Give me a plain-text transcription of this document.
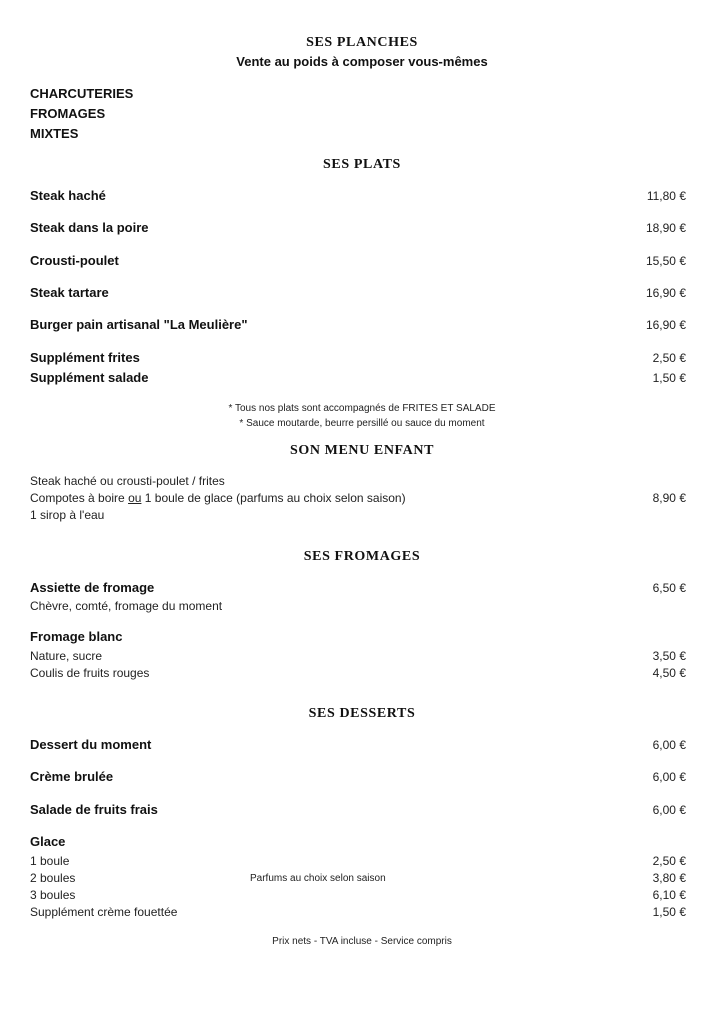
SES PLANCHES
Vente au poids à composer vous-mêmes
CHARCUTERIES
FROMAGES
MIXTES
SES PLATS
Steak haché	11,80 €
Steak dans la poire	18,90 €
Crousti-poulet	15,50 €
Steak tartare	16,90 €
Burger pain artisanal "La Meulière"	16,90 €
Supplément frites	2,50 €
Supplément salade	1,50 €
* Tous nos plats sont accompagnés de FRITES ET SALADE
* Sauce moutarde, beurre persillé ou sauce du moment
SON MENU ENFANT
Steak haché ou crousti-poulet / frites
Compotes à boire ou 1 boule de glace (parfums au choix selon saison)	8,90 €
1 sirop à l'eau
SES FROMAGES
Assiette de fromage	6,50 €
Chèvre, comté, fromage du moment
Fromage blanc
Nature, sucre	3,50 €
Coulis de fruits rouges	4,50 €
SES DESSERTS
Dessert du moment	6,00 €
Crème brulée	6,00 €
Salade de fruits frais	6,00 €
Glace
1 boule	2,50 €
2 boules	Parfums au choix selon saison	3,80 €
3 boules	6,10 €
Supplément crème fouettée	1,50 €
Prix nets - TVA incluse - Service compris
